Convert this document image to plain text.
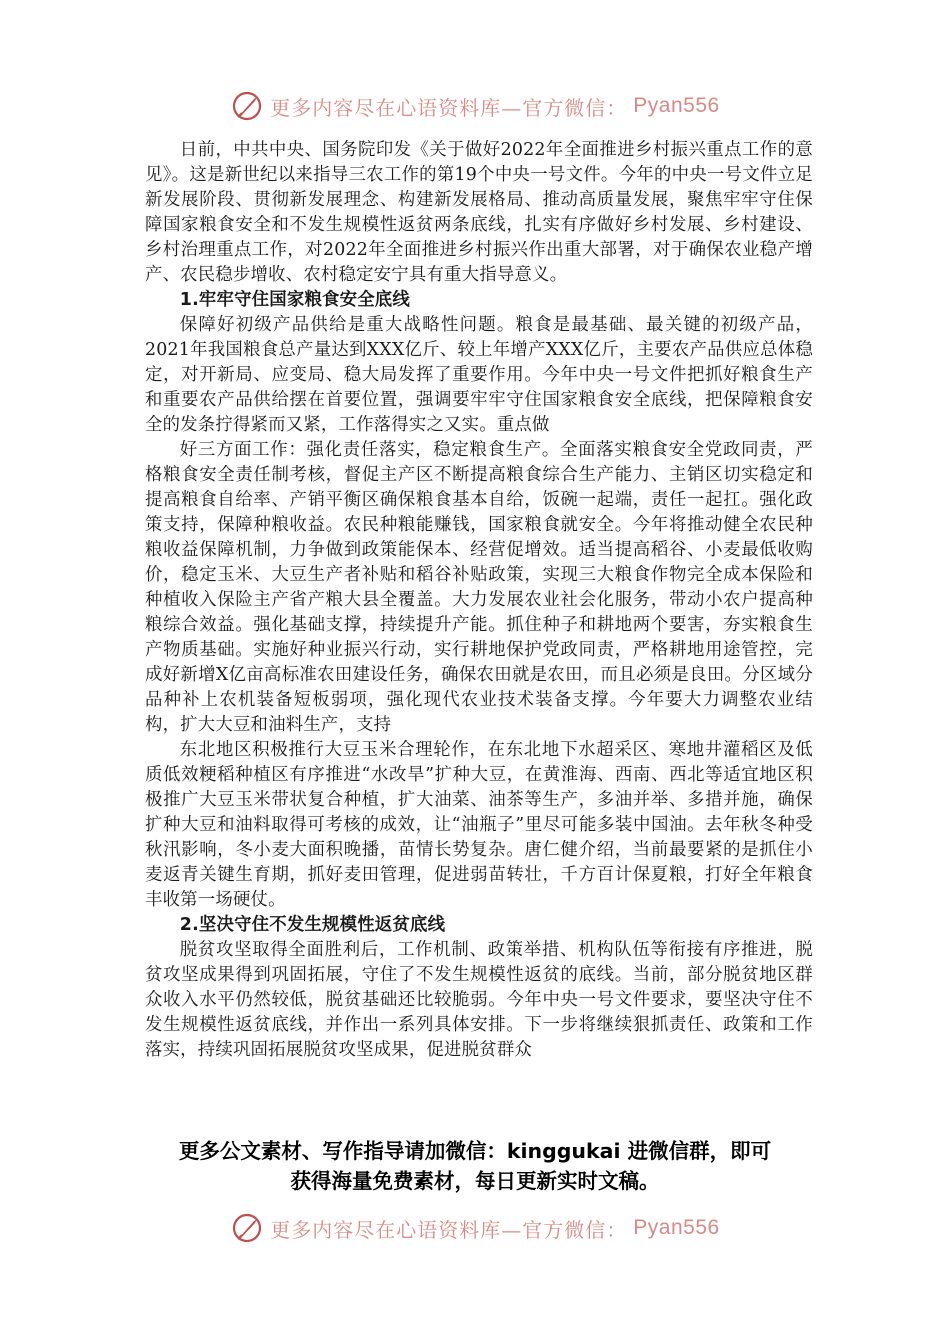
更多内容尽在心语资料库—官方微信： Pyan556

日前，中共中央、国务院印发《关于做好2022年全面推进乡村振兴重点工作的意见》。这是新世纪以来指导三农工作的第19个中央一号文件。今年的中央一号文件立足新发展阶段、贯彻新发展理念、构建新发展格局、推动高质量发展，聚焦牢牢守住保障国家粮食安全和不发生规模性返贫两条底线，扎实有序做好乡村发展、乡村建设、乡村治理重点工作，对2022年全面推进乡村振兴作出重大部署，对于确保农业稳产增产、农民稳步增收、农村稳定安宁具有重大指导意义。

1.牢牢守住国家粮食安全底线

保障好初级产品供给是重大战略性问题。粮食是最基础、最关键的初级产品，2021年我国粮食总产量达到XXX亿斤、较上年增产XXX亿斤，主要农产品供应总体稳定，对开新局、应变局、稳大局发挥了重要作用。今年中央一号文件把抓好粮食生产和重要农产品供给摆在首要位置，强调要牢牢守住国家粮食安全底线，把保障粮食安全的发条拧得紧而又紧，工作落得实之又实。重点做

好三方面工作：强化责任落实，稳定粮食生产。全面落实粮食安全党政同责，严格粮食安全责任制考核，督促主产区不断提高粮食综合生产能力、主销区切实稳定和提高粮食自给率、产销平衡区确保粮食基本自给，饭碗一起端，责任一起扛。强化政策支持，保障种粮收益。农民种粮能赚钱，国家粮食就安全。今年将推动健全农民种粮收益保障机制，力争做到政策能保本、经营促增效。适当提高稻谷、小麦最低收购价，稳定玉米、大豆生产者补贴和稻谷补贴政策，实现三大粮食作物完全成本保险和种植收入保险主产省产粮大县全覆盖。大力发展农业社会化服务，带动小农户提高种粮综合效益。强化基础支撑，持续提升产能。抓住种子和耕地两个要害，夯实粮食生产物质基础。实施好种业振兴行动，实行耕地保护党政同责，严格耕地用途管控，完成好新增X亿亩高标准农田建设任务，确保农田就是农田，而且必须是良田。分区域分品种补上农机装备短板弱项，强化现代农业技术装备支撑。今年要大力调整农业结构，扩大大豆和油料生产，支持

东北地区积极推行大豆玉米合理轮作，在东北地下水超采区、寒地井灌稻区及低质低效粳稻种植区有序推进“水改旱”扩种大豆，在黄淮海、西南、西北等适宜地区积极推广大豆玉米带状复合种植，扩大油菜、油茶等生产，多油并举、多措并施，确保扩种大豆和油料取得可考核的成效，让“油瓶子”里尽可能多装中国油。去年秋冬种受秋汛影响，冬小麦大面积晚播，苗情长势复杂。唐仁健介绍，当前最要紧的是抓住小麦返青关键生育期，抓好麦田管理，促进弱苗转壮，千方百计保夏粮，打好全年粮食丰收第一场硬仗。

2.坚决守住不发生规模性返贫底线

脱贫攻坚取得全面胜利后，工作机制、政策举措、机构队伍等衔接有序推进，脱贫攻坚成果得到巩固拓展，守住了不发生规模性返贫的底线。当前，部分脱贫地区群众收入水平仍然较低，脱贫基础还比较脆弱。今年中央一号文件要求，要坚决守住不发生规模性返贫底线，并作出一系列具体安排。下一步将继续狠抓责任、政策和工作落实，持续巩固拓展脱贫攻坚成果，促进脱贫群众

更多公文素材、写作指导请加微信：kinggukai 进微信群，即可
获得海量免费素材，每日更新实时文稿。
更多内容尽在心语资料库—官方微信： Pyan556
